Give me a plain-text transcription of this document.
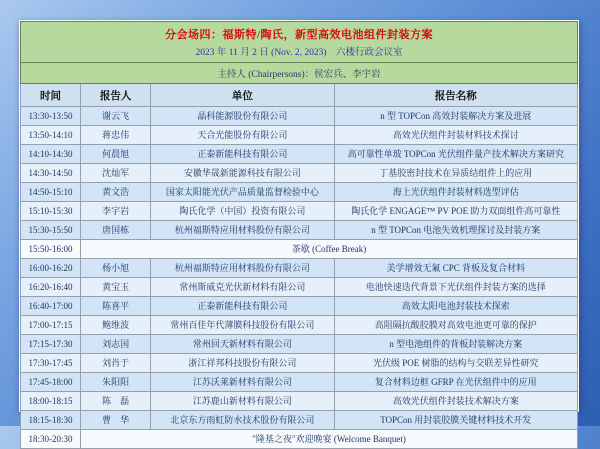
分会场四：福斯特/陶氏，新型高效电池组件封装方案
2023 年 11 月 2 日 (Nov. 2, 2023)　六楼行政会议室			

主持人 (Chairpersons)：侯宏兵、李宇岩			

时间	报告人	单位	报告名称
13:30-13:50	谢云飞	晶科能源股份有限公司	n 型 TOPCon 高效封装解决方案及进展
13:50-14:10	蒋忠伟	天合光能股份有限公司	高效光伏组件封装材料技术探讨
14:10-14:30	何晨旭	正泰新能科技有限公司	高可靠性单玻 TOPCon 光伏组件量产技术解决方案研究
14:30-14:50	沈灿军	安徽华晟新能源科技有限公司	丁基胶密封技术在异质结组件上的应用
14:50-15:10	黄文浩	国家太阳能光伏产品质量监督检验中心	海上光伏组件封装材料选型评估
15:10-15:30	李宇岩	陶氏化学（中国）投资有限公司	陶氏化学 ENGAGE™ PV POE 助力双面组件高可靠性
15:30-15:50	唐国栋	杭州福斯特应用材料股份有限公司	n 型 TOPCon 电池失效机理探讨及封装方案
15:50-16:00	茶歇 (Coffee Break)		
16:00-16:20	杨小旭	杭州福斯特应用材料股份有限公司	美学增效无氟 CPC 背板及复合材料
16:20-16:40	黄宝玉	常州斯威克光伏新材料有限公司	电池快速迭代背景下光伏组件封装方案的选择
16:40-17:00	陈喜平	正泰新能科技有限公司	高效太阳电池封装技术探索
17:00-17:15	鲍维波	常州百佳年代薄膜科技股份有限公司	高阻隔抗酸胶膜对高效电池更可靠的保护
17:15-17:30	刘志国	常州回天新材料有限公司	n 型电池组件的背板封装解决方案
17:30-17:45	刘肖于	浙江祥邦科技股份有限公司	光伏级 POE 树脂的结构与交联差异性研究
17:45-18:00	朱阳阳	江苏沃莱新材料有限公司	复合材料边框 GFRP 在光伏组件中的应用
18:00-18:15	陈　磊	江苏鹿山新材料有限公司	高效光伏组件封装技术解决方案
18:15-18:30	曹　华	北京东方雨虹防水技术股份有限公司	TOPCon 用封装胶膜关键材料技术开发
18:30-20:30	"隆基之夜"欢迎晚宴 (Welcome Banquet)		
